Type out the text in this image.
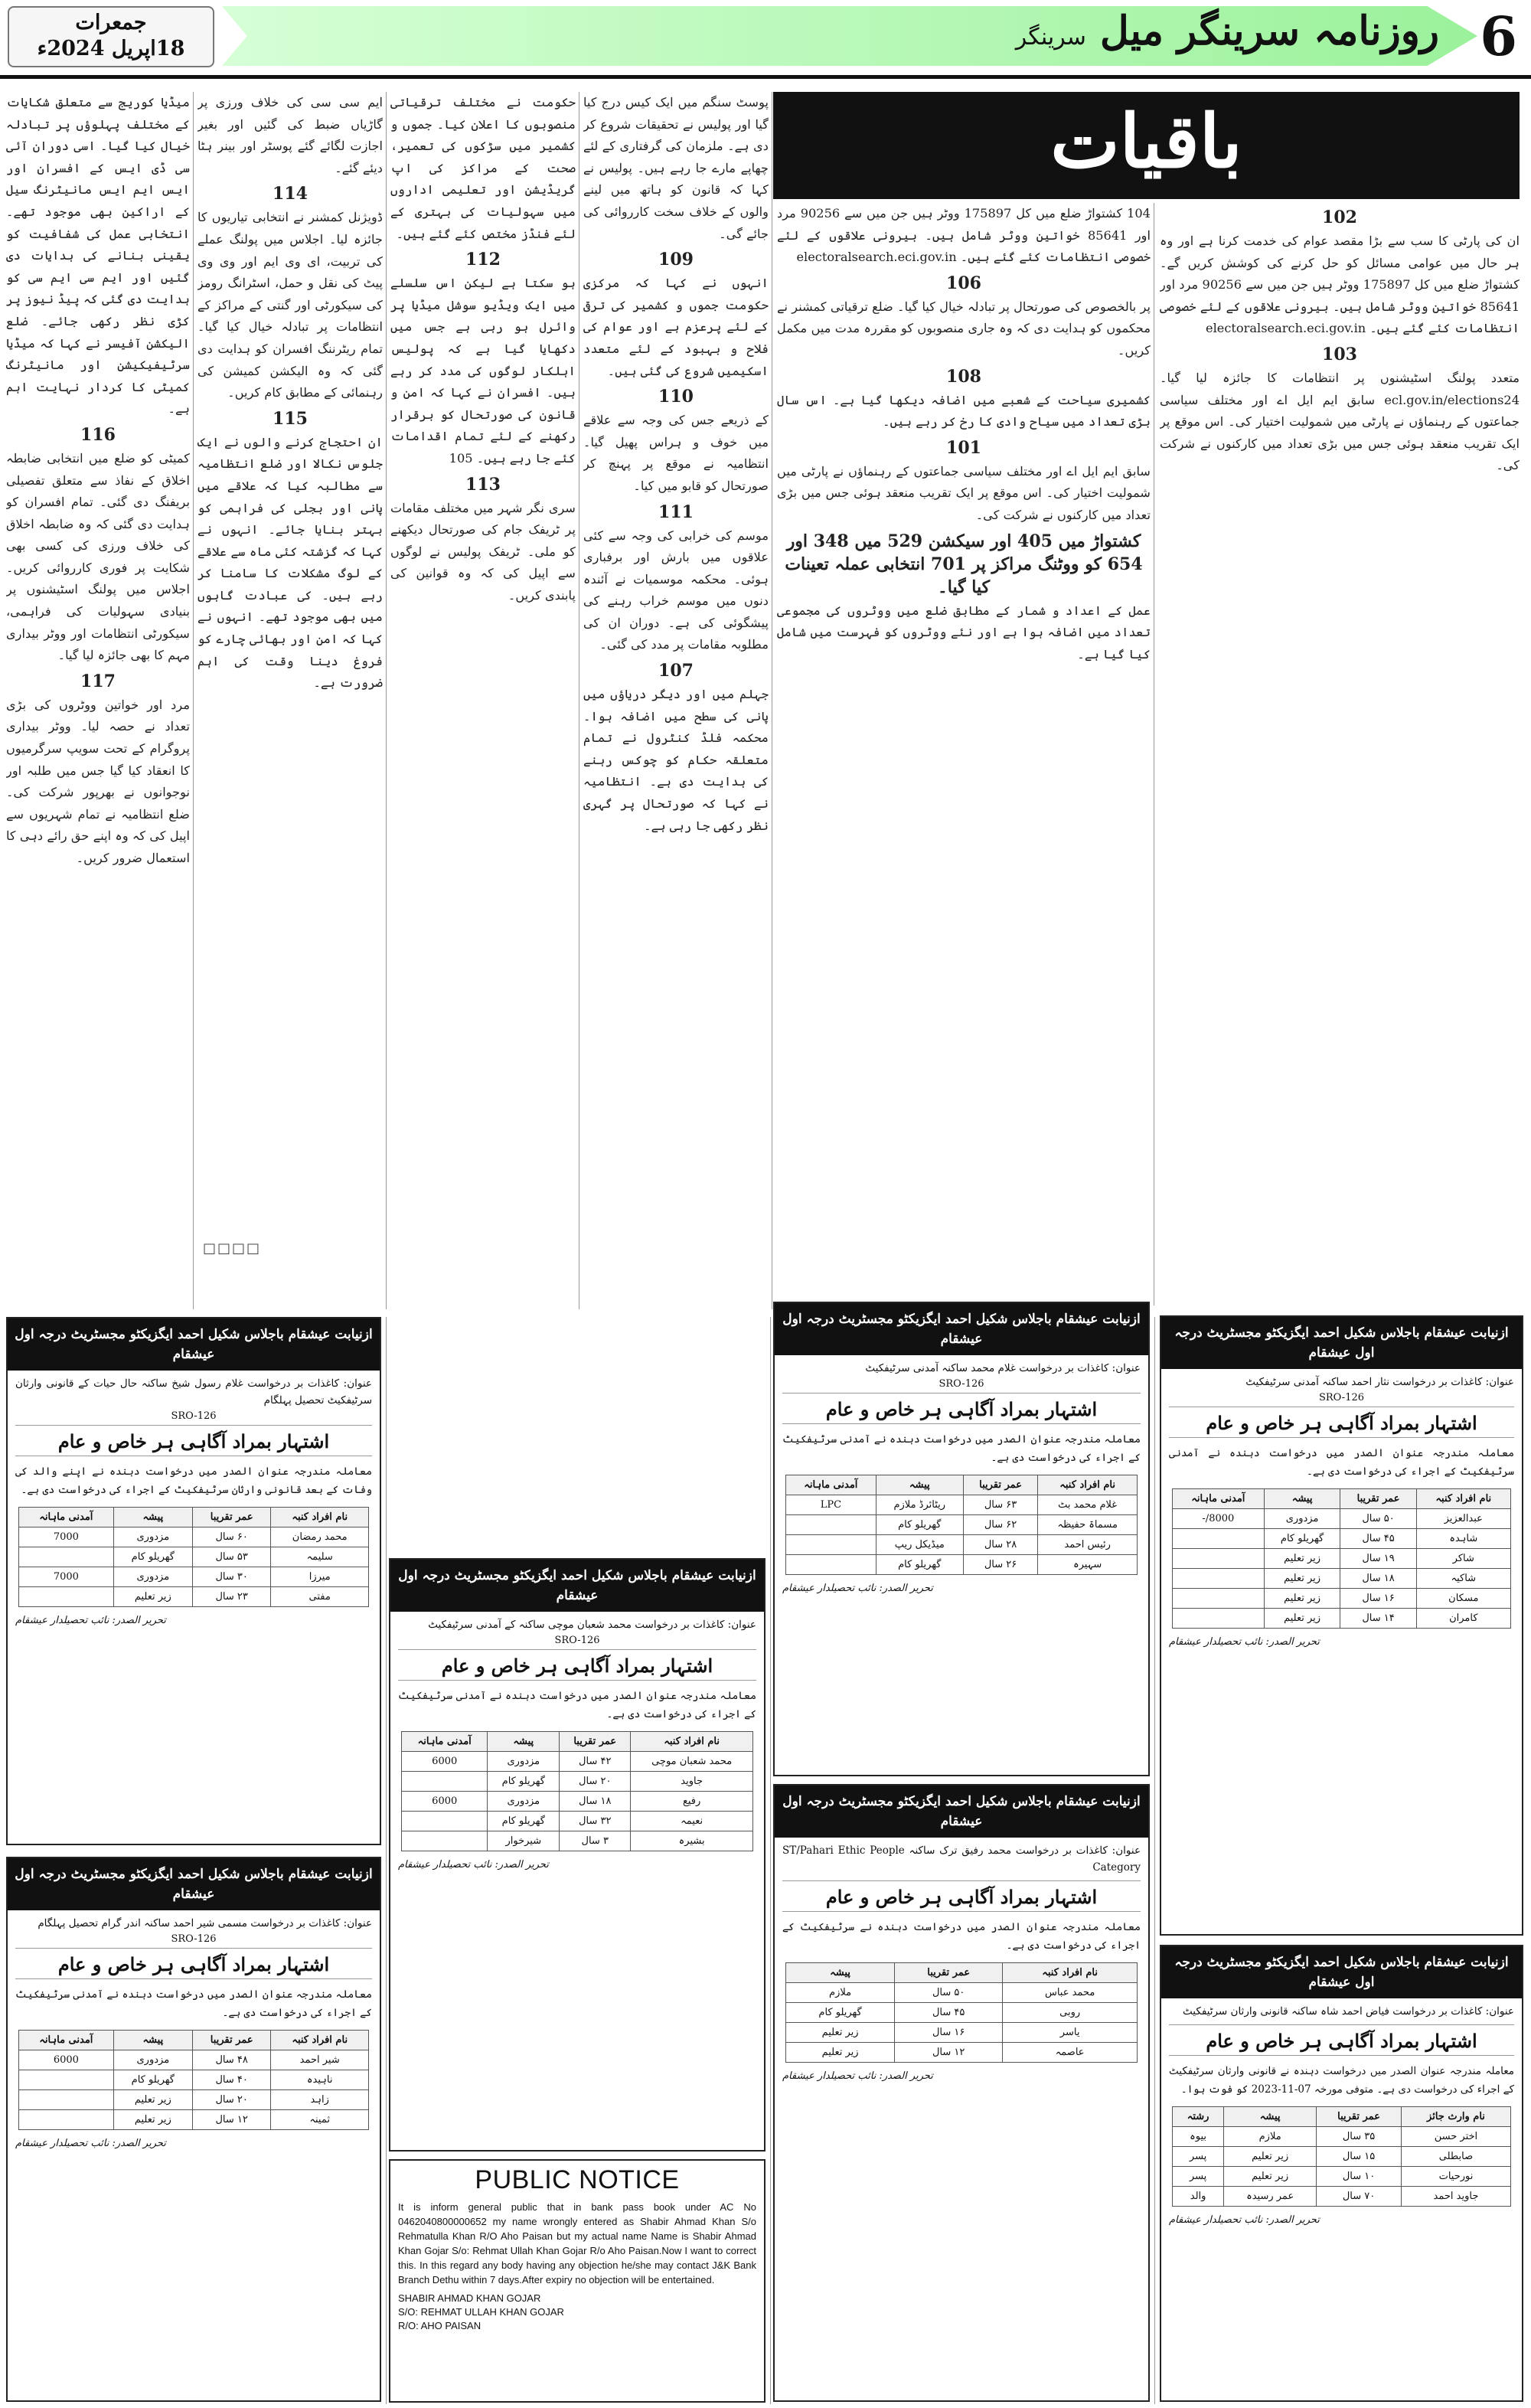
جمعرات
18اپریل 2024ء	روزنامہ سرینگر میل سرینگر	6
باقیات
102
ان کی پارٹی کا سب سے بڑا مقصد عوام کی خدمت کرنا ہے اور وہ ہر حال میں عوامی مسائل کو حل کرنے کی کوشش کریں گے۔ کشتواڑ ضلع میں کل 175897 ووٹر ہیں جن میں سے 90256 مرد اور 85641 خواتین ووٹر شامل ہیں۔ بیرونی علاقوں کے لئے خصوصی انتظامات کئے گئے ہیں۔ electoralsearch.eci.gov.in
103
متعدد پولنگ اسٹیشنوں پر انتظامات کا جائزہ لیا گیا۔ ecl.gov.in/elections24 سابق ایم ایل اے اور مختلف سیاسی جماعتوں کے رہنماؤں نے پارٹی میں شمولیت اختیار کی۔ اس موقع پر ایک تقریب منعقد ہوئی جس میں بڑی تعداد میں کارکنوں نے شرکت کی۔
104 کشتواڑ ضلع میں کل 175897 ووٹر ہیں جن میں سے 90256 مرد اور 85641 خواتین ووٹر شامل ہیں۔ بیرونی علاقوں کے لئے خصوصی انتظامات کئے گئے ہیں۔ electoralsearch.eci.gov.in
106
پر بالخصوص کی صورتحال پر تبادلہ خیال کیا گیا۔ ضلع ترقیاتی کمشنر نے محکموں کو ہدایت دی کہ وہ جاری منصوبوں کو مقررہ مدت میں مکمل کریں۔
108
کشمیری سیاحت کے شعبے میں اضافہ دیکھا گیا ہے۔ اس سال بڑی تعداد میں سیاح وادی کا رخ کر رہے ہیں۔
101
سابق ایم ایل اے اور مختلف سیاسی جماعتوں کے رہنماؤں نے پارٹی میں شمولیت اختیار کی۔ اس موقع پر ایک تقریب منعقد ہوئی جس میں بڑی تعداد میں کارکنوں نے شرکت کی۔
کشتواڑ میں 405 اور سیکشن 529 میں 348 اور 654 کو ووٹنگ مراکز پر 701 انتخابی عملہ تعینات کیا گیا۔
عمل کے اعداد و شمار کے مطابق ضلع میں ووٹروں کی مجموعی تعداد میں اضافہ ہوا ہے اور نئے ووٹروں کو فہرست میں شامل کیا گیا ہے۔
پوسٹ سنگم میں ایک کیس درج کیا گیا اور پولیس نے تحقیقات شروع کر دی ہے۔ ملزمان کی گرفتاری کے لئے چھاپے مارے جا رہے ہیں۔ پولیس نے کہا کہ قانون کو ہاتھ میں لینے والوں کے خلاف سخت کارروائی کی جائے گی۔
109
انہوں نے کہا کہ مرکزی حکومت جموں و کشمیر کی ترقی کے لئے پرعزم ہے اور عوام کی فلاح و بہبود کے لئے متعدد اسکیمیں شروع کی گئی ہیں۔
110
کے ذریعے جس کی وجہ سے علاقے میں خوف و ہراس پھیل گیا۔ انتظامیہ نے موقع پر پہنچ کر صورتحال کو قابو میں کیا۔
111
موسم کی خرابی کی وجہ سے کئی علاقوں میں بارش اور برفباری ہوئی۔ محکمہ موسمیات نے آئندہ دنوں میں موسم خراب رہنے کی پیشگوئی کی ہے۔ دوران ان کی مطلوبہ مقامات پر مدد کی گئی۔
107
جہلم میں اور دیگر دریاؤں میں پانی کی سطح میں اضافہ ہوا۔ محکمہ فلڈ کنٹرول نے تمام متعلقہ حکام کو چوکس رہنے کی ہدایت دی ہے۔ انتظامیہ نے کہا کہ صورتحال پر گہری نظر رکھی جا رہی ہے۔
حکومت نے مختلف ترقیاتی منصوبوں کا اعلان کیا۔ جموں و کشمیر میں سڑکوں کی تعمیر، صحت کے مراکز کی اپ گریڈیشن اور تعلیمی اداروں میں سہولیات کی بہتری کے لئے فنڈز مختص کئے گئے ہیں۔
112
ہو سکتا ہے لیکن اس سلسلے میں ایک ویڈیو سوشل میڈیا پر وائرل ہو رہی ہے جس میں دکھایا گیا ہے کہ پولیس اہلکار لوگوں کی مدد کر رہے ہیں۔ افسران نے کہا کہ امن و قانون کی صورتحال کو برقرار رکھنے کے لئے تمام اقدامات کئے جا رہے ہیں۔ 105
113
سری نگر شہر میں مختلف مقامات پر ٹریفک جام کی صورتحال دیکھنے کو ملی۔ ٹریفک پولیس نے لوگوں سے اپیل کی کہ وہ قوانین کی پابندی کریں۔
ایم سی سی کی خلاف ورزی پر گاڑیاں ضبط کی گئیں اور بغیر اجازت لگائے گئے پوسٹر اور بینر ہٹا دیئے گئے۔
114
ڈویژنل کمشنر نے انتخابی تیاریوں کا جائزہ لیا۔ اجلاس میں پولنگ عملے کی تربیت، ای وی ایم اور وی وی پیٹ کی نقل و حمل، اسٹرانگ رومز کی سیکورٹی اور گنتی کے مراکز کے انتظامات پر تبادلہ خیال کیا گیا۔ تمام ریٹرننگ افسران کو ہدایت دی گئی کہ وہ الیکشن کمیشن کی رہنمائی کے مطابق کام کریں۔
115
ان احتجاج کرنے والوں نے ایک جلوس نکالا اور ضلع انتظامیہ سے مطالبہ کیا کہ علاقے میں پانی اور بجلی کی فراہمی کو بہتر بنایا جائے۔ انہوں نے کہا کہ گزشتہ کئی ماہ سے علاقے کے لوگ مشکلات کا سامنا کر رہے ہیں۔ کی عبادت گاہوں میں بھی موجود تھے۔ انہوں نے کہا کہ امن اور بھائی چارے کو فروغ دینا وقت کی اہم ضرورت ہے۔
□□□□
میڈیا کوریج سے متعلق شکایات کے مختلف پہلوؤں پر تبادلہ خیال کیا گیا۔ اسی دوران آئی سی ڈی ایس کے افسران اور ایس ایم ایس مانیٹرنگ سیل کے اراکین بھی موجود تھے۔ انتخابی عمل کی شفافیت کو یقینی بنانے کی ہدایات دی گئیں اور ایم سی ایم سی کو ہدایت دی گئی کہ پیڈ نیوز پر کڑی نظر رکھی جائے۔ ضلع الیکشن آفیسر نے کہا کہ میڈیا سرٹیفیکیشن اور مانیٹرنگ کمیٹی کا کردار نہایت اہم ہے۔
116
کمیٹی کو ضلع میں انتخابی ضابطہ اخلاق کے نفاذ سے متعلق تفصیلی بریفنگ دی گئی۔ تمام افسران کو ہدایت دی گئی کہ وہ ضابطہ اخلاق کی خلاف ورزی کی کسی بھی شکایت پر فوری کارروائی کریں۔ اجلاس میں پولنگ اسٹیشنوں پر بنیادی سہولیات کی فراہمی، سیکورٹی انتظامات اور ووٹر بیداری مہم کا بھی جائزہ لیا گیا۔
117
مرد اور خواتین ووٹروں کی بڑی تعداد نے حصہ لیا۔ ووٹر بیداری پروگرام کے تحت سویپ سرگرمیوں کا انعقاد کیا گیا جس میں طلبہ اور نوجوانوں نے بھرپور شرکت کی۔ ضلع انتظامیہ نے تمام شہریوں سے اپیل کی کہ وہ اپنے حق رائے دہی کا استعمال ضرور کریں۔
ازنیابت عیشقام باجلاس شکیل احمد ایگزیکٹو مجسٹریٹ درجہ اول عیشقام
عنوان: کاغذات بر درخواست غلام رسول شیخ ساکنہ حال حیات کے قانونی وارثان سرٹیفکیٹ تحصیل پہلگام
SRO-126
اشتہار بمراد آگاہی ہر خاص و عام
معاملہ مندرجہ عنوان الصدر میں درخواست دہندہ نے اپنے والد کی وفات کے بعد قانونی وارثان سرٹیفکیٹ کے اجراء کی درخواست دی ہے۔
نام افراد کنبہ	عمر تقریبا	پیشہ	آمدنی ماہانہ
محمد رمضان	۶۰ سال	مزدوری	7000
سلیمہ	۵۳ سال	گھریلو کام	
میرزا	۳۰ سال	مزدوری	7000
مفتی	۲۳ سال	زیر تعلیم	
تحریر الصدر: نائب تحصیلدار عیشقام
ازنیابت عیشقام باجلاس شکیل احمد ایگزیکٹو مجسٹریٹ درجہ اول عیشقام
عنوان: کاغذات بر درخواست مسمی شیر احمد ساکنہ اندر گرام تحصیل پہلگام
SRO-126
اشتہار بمراد آگاہی ہر خاص و عام
معاملہ مندرجہ عنوان الصدر میں درخواست دہندہ نے آمدنی سرٹیفکیٹ کے اجراء کی درخواست دی ہے۔
نام افراد کنبہ	عمر تقریبا	پیشہ	آمدنی ماہانہ
شیر احمد	۴۸ سال	مزدوری	6000
ناہیدہ	۴۰ سال	گھریلو کام	
زاہد	۲۰ سال	زیر تعلیم	
ثمینہ	۱۲ سال	زیر تعلیم	
تحریر الصدر: نائب تحصیلدار عیشقام
ازنیابت عیشقام باجلاس شکیل احمد ایگزیکٹو مجسٹریٹ درجہ اول عیشقام
عنوان: کاغذات بر درخواست محمد شعبان موچی ساکنہ کے آمدنی سرٹیفکیٹ
SRO-126
اشتہار بمراد آگاہی ہر خاص و عام
معاملہ مندرجہ عنوان الصدر میں درخواست دہندہ نے آمدنی سرٹیفکیٹ کے اجراء کی درخواست دی ہے۔
نام افراد کنبہ	عمر تقریبا	پیشہ	آمدنی ماہانہ
محمد شعبان موچی	۴۲ سال	مزدوری	6000
جاوید	۲۰ سال	گھریلو کام	
رفیع	۱۸ سال	مزدوری	6000
نعیمہ	۳۲ سال	گھریلو کام	
بشیرہ	۳ سال	شیرخوار	
تحریر الصدر: نائب تحصیلدار عیشقام
PUBLIC NOTICE
It is inform general public that in bank pass book under AC No 0462040800000652 my name wrongly entered as Shabir Ahmad Khan S/o Rehmatulla Khan R/O Aho Paisan but my actual name Name is Shabir Ahmad Khan Gojar S/o: Rehmat Ullah Khan Gojar R/o Aho Paisan.Now I want to correct this. In this regard any body having any objection he/she may contact J&K Bank Branch Dethu within 7 days.After expiry no objection will be entertained.
SHABIR AHMAD KHAN GOJAR
S/O: REHMAT ULLAH KHAN GOJAR
R/O: AHO PAISAN
ازنیابت عیشقام باجلاس شکیل احمد ایگزیکٹو مجسٹریٹ درجہ اول عیشقام
عنوان: کاغذات بر درخواست غلام محمد ساکنہ آمدنی سرٹیفکیٹ
SRO-126
اشتہار بمراد آگاہی ہر خاص و عام
معاملہ مندرجہ عنوان الصدر میں درخواست دہندہ نے آمدنی سرٹیفکیٹ کے اجراء کی درخواست دی ہے۔
نام افراد کنبہ	عمر تقریبا	پیشہ	آمدنی ماہانہ
غلام محمد بٹ	۶۳ سال	ریٹائرڈ ملازم	LPC
مسماۃ حفیظہ	۶۲ سال	گھریلو کام	
رئیس احمد	۲۸ سال	میڈیکل ریپ	
سہیرہ	۲۶ سال	گھریلو کام	
تحریر الصدر: نائب تحصیلدار عیشقام
ازنیابت عیشقام باجلاس شکیل احمد ایگزیکٹو مجسٹریٹ درجہ اول عیشقام
عنوان: کاغذات بر درخواست محمد رفیق ترک ساکنہ ST/Pahari Ethic People Category
اشتہار بمراد آگاہی ہر خاص و عام
معاملہ مندرجہ عنوان الصدر میں درخواست دہندہ نے سرٹیفکیٹ کے اجراء کی درخواست دی ہے۔
نام افراد کنبہ	عمر تقریبا	پیشہ
محمد عباس	۵۰ سال	ملازم
روبی	۴۵ سال	گھریلو کام
یاسر	۱۶ سال	زیر تعلیم
عاصمہ	۱۲ سال	زیر تعلیم
تحریر الصدر: نائب تحصیلدار عیشقام
ازنیابت عیشقام باجلاس شکیل احمد ایگزیکٹو مجسٹریٹ درجہ اول عیشقام
عنوان: کاغذات بر درخواست نثار احمد ساکنہ آمدنی سرٹیفکیٹ
SRO-126
اشتہار بمراد آگاہی ہر خاص و عام
معاملہ مندرجہ عنوان الصدر میں درخواست دہندہ نے آمدنی سرٹیفکیٹ کے اجراء کی درخواست دی ہے۔
نام افراد کنبہ	عمر تقریبا	پیشہ	آمدنی ماہانہ
عبدالعزیز	۵۰ سال	مزدوری	8000/-
شاہدہ	۴۵ سال	گھریلو کام	
شاکر	۱۹ سال	زیر تعلیم	
شاکیہ	۱۸ سال	زیر تعلیم	
مسکان	۱۶ سال	زیر تعلیم	
کامران	۱۴ سال	زیر تعلیم	
تحریر الصدر: نائب تحصیلدار عیشقام
ازنیابت عیشقام باجلاس شکیل احمد ایگزیکٹو مجسٹریٹ درجہ اول عیشقام
عنوان: کاغذات بر درخواست فیاض احمد شاہ ساکنہ قانونی وارثان سرٹیفکیٹ
اشتہار بمراد آگاہی ہر خاص و عام
معاملہ مندرجہ عنوان الصدر میں درخواست دہندہ نے قانونی وارثان سرٹیفکیٹ کے اجراء کی درخواست دی ہے۔ متوفی مورخہ 07-11-2023 کو فوت ہوا۔
نام وارث جائز	عمر تقریبا	پیشہ	رشتہ
اختر حسن	۳۵ سال	ملازم	بیوہ
صابطلی	۱۵ سال	زیر تعلیم	پسر
نورحیات	۱۰ سال	زیر تعلیم	پسر
جاوید احمد	۷۰ سال	عمر رسیدہ	والد
تحریر الصدر: نائب تحصیلدار عیشقام
